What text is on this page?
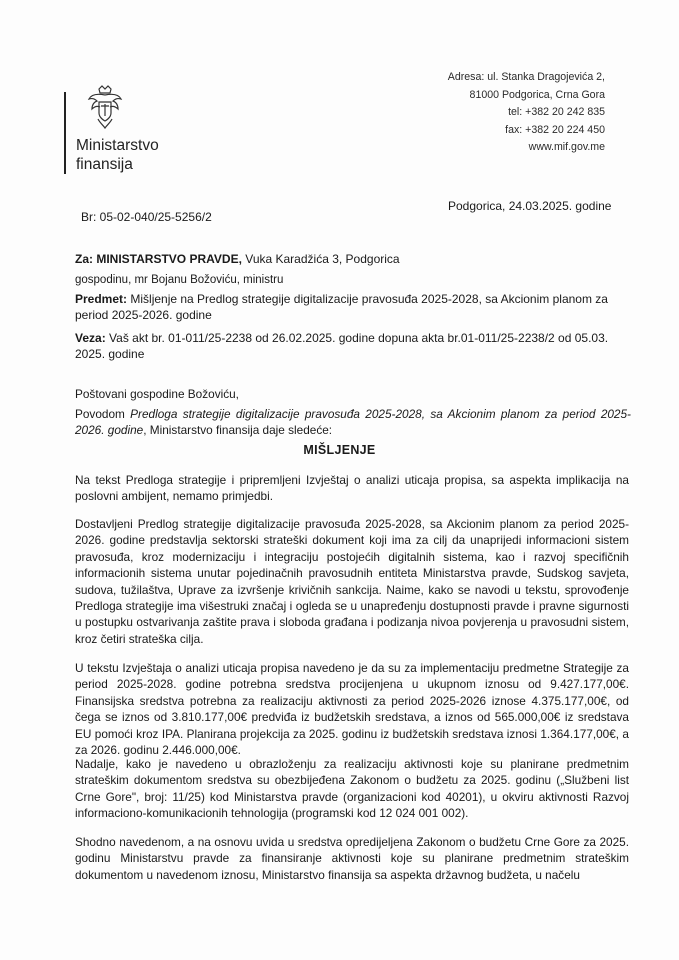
Ministarstvo
finansija
Adresa: ul. Stanka Dragojevića 2,
81000 Podgorica, Crna Gora
tel: +382 20 242 835
fax: +382 20 224 450
www.mif.gov.me
Podgorica, 24.03.2025. godine
Br: 05-02-040/25-5256/2
Za: MINISTARSTVO PRAVDE, Vuka Karadžića 3, Podgorica
gospodinu, mr Bojanu Božoviću, ministru
Predmet: Mišljenje na Predlog strategije digitalizacije pravosuđa 2025-2028, sa Akcionim planom za period 2025-2026. godine
Veza: Vaš akt br. 01-011/25-2238 od 26.02.2025. godine dopuna akta br.01-011/25-2238/2 od 05.03. 2025. godine
Poštovani gospodine Božoviću,
Povodom Predloga strategije digitalizacije pravosuđa 2025-2028, sa Akcionim planom za period 2025-2026. godine, Ministarstvo finansija daje sledeće:
MIŠLJENJE
Na tekst Predloga strategije i pripremljeni Izvještaj o analizi uticaja propisa, sa aspekta implikacija na poslovni ambijent, nemamo primjedbi.
Dostavljeni Predlog strategije digitalizacije pravosuđa 2025-2028, sa Akcionim planom za period 2025-2026. godine predstavlja sektorski strateški dokument koji ima za cilj da unaprijedi informacioni sistem pravosuđa, kroz modernizaciju i integraciju postojećih digitalnih sistema, kao i razvoj specifičnih informacionih sistema unutar pojedinačnih pravosudnih entiteta Ministarstva pravde, Sudskog savjeta, sudova, tužilaštva, Uprave za izvršenje krivičnih sankcija. Naime, kako se navodi u tekstu, sprovođenje Predloga strategije ima višestruki značaj i ogleda se u unapređenju dostupnosti pravde i pravne sigurnosti u postupku ostvarivanja zaštite prava i sloboda građana i podizanja nivoa povjerenja u pravosudni sistem, kroz četiri strateška cilja.
U tekstu Izvještaja o analizi uticaja propisa navedeno je da su za implementaciju predmetne Strategije za period 2025-2028. godine potrebna sredstva procijenjena u ukupnom iznosu od 9.427.177,00€. Finansijska sredstva potrebna za realizaciju aktivnosti za period 2025-2026 iznose 4.375.177,00€, od čega se iznos od 3.810.177,00€ predviđa iz budžetskih sredstava, a iznos od 565.000,00€ iz sredstava EU pomoći kroz IPA. Planirana projekcija za 2025. godinu iz budžetskih sredstava iznosi 1.364.177,00€, a za 2026. godinu 2.446.000,00€.
Nadalje, kako je navedeno u obrazloženju za realizaciju aktivnosti koje su planirane predmetnim strateškim dokumentom sredstva su obezbijeđena Zakonom o budžetu za 2025. godinu („Službeni list Crne Gore", broj: 11/25) kod Ministarstva pravde (organizacioni kod 40201), u okviru aktivnosti Razvoj informaciono-komunikacionih tehnologija (programski kod 12 024 001 002).
Shodno navedenom, a na osnovu uvida u sredstva opredijeljena Zakonom o budžetu Crne Gore za 2025. godinu Ministarstvu pravde za finansiranje aktivnosti koje su planirane predmetnim strateškim dokumentom u navedenom iznosu, Ministarstvo finansija sa aspekta državnog budžeta, u načelu
